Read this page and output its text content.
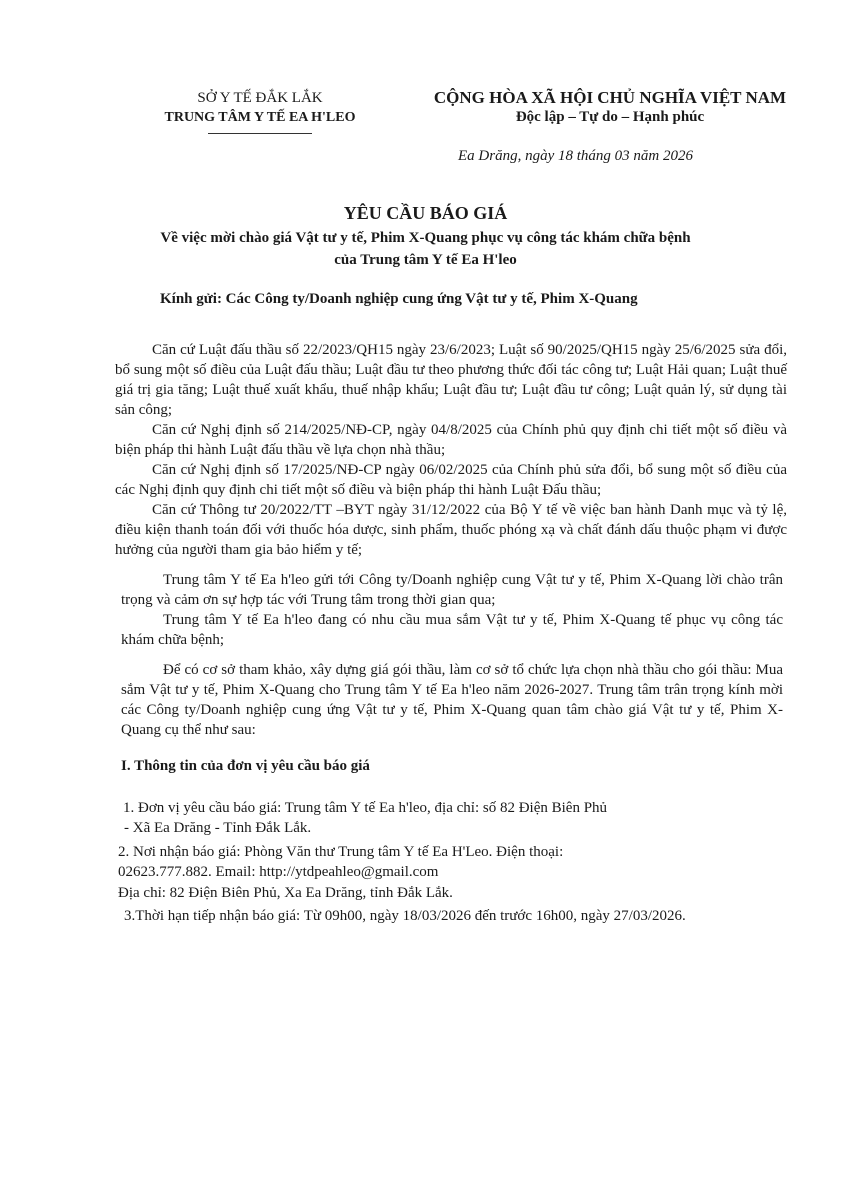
SỞ Y TẾ ĐẮK LẮK
TRUNG TÂM Y TẾ EA H'LEO
CỘNG HÒA XÃ HỘI CHỦ NGHĨA VIỆT NAM
Độc lập – Tự do – Hạnh phúc
Ea Drăng, ngày 18 tháng 03 năm 2026
YÊU CẦU BÁO GIÁ
Về việc mời chào giá Vật tư y tế, Phim X-Quang phục vụ công tác khám chữa bệnh
của Trung tâm Y tế Ea H'leo
Kính gửi: Các Công ty/Doanh nghiệp cung ứng Vật tư y tế, Phim X-Quang
Căn cứ Luật đấu thầu số 22/2023/QH15 ngày 23/6/2023; Luật số 90/2025/QH15 ngày 25/6/2025 sửa đổi, bổ sung một số điều của Luật đấu thầu; Luật đầu tư theo phương thức đối tác công tư; Luật Hải quan; Luật thuế giá trị gia tăng; Luật thuế xuất khẩu, thuế nhập khẩu; Luật đầu tư; Luật đầu tư công; Luật quản lý, sử dụng tài sản công;
Căn cứ Nghị định số 214/2025/NĐ-CP, ngày 04/8/2025 của Chính phủ quy định chi tiết một số điều và biện pháp thi hành Luật đấu thầu về lựa chọn nhà thầu;
Căn cứ Nghị định số 17/2025/NĐ-CP ngày 06/02/2025 của Chính phủ sửa đổi, bổ sung một số điều của các Nghị định quy định chi tiết một số điều và biện pháp thi hành Luật Đấu thầu;
Căn cứ Thông tư 20/2022/TT –BYT ngày 31/12/2022 của Bộ Y tế về việc ban hành Danh mục và tỷ lệ, điều kiện thanh toán đối với thuốc hóa dược, sinh phẩm, thuốc phóng xạ và chất đánh dấu thuộc phạm vi được hưởng của người tham gia bảo hiểm y tế;
Trung tâm Y tế Ea h'leo gửi tới Công ty/Doanh nghiệp cung Vật tư y tế, Phim X-Quang lời chào trân trọng và cảm ơn sự hợp tác với Trung tâm trong thời gian qua;
Trung tâm Y tế Ea h'leo đang có nhu cầu mua sắm Vật tư y tế, Phim X-Quang tế phục vụ công tác khám chữa bệnh;
Để có cơ sở tham khảo, xây dựng giá gói thầu, làm cơ sở tổ chức lựa chọn nhà thầu cho gói thầu: Mua sắm Vật tư y tế, Phim X-Quang cho Trung tâm Y tế Ea h'leo năm 2026-2027. Trung tâm trân trọng kính mời các Công ty/Doanh nghiệp cung ứng Vật tư y tế, Phim X-Quang quan tâm chào giá Vật tư y tế, Phim X-Quang cụ thể như sau:
I. Thông tin của đơn vị yêu cầu báo giá
1. Đơn vị yêu cầu báo giá: Trung tâm Y tế Ea h'leo, địa chỉ: số 82 Điện Biên Phủ
- Xã Ea Drăng - Tỉnh Đắk Lắk.
2. Nơi nhận báo giá: Phòng Văn thư Trung tâm Y tế Ea H'Leo. Điện thoại:
02623.777.882. Email: http://ytdpeahleo@gmail.com
Địa chỉ: 82 Điện Biên Phủ, Xa Ea Drăng, tỉnh Đắk Lắk.
3.Thời hạn tiếp nhận báo giá: Từ 09h00, ngày 18/03/2026 đến trước 16h00, ngày 27/03/2026.
